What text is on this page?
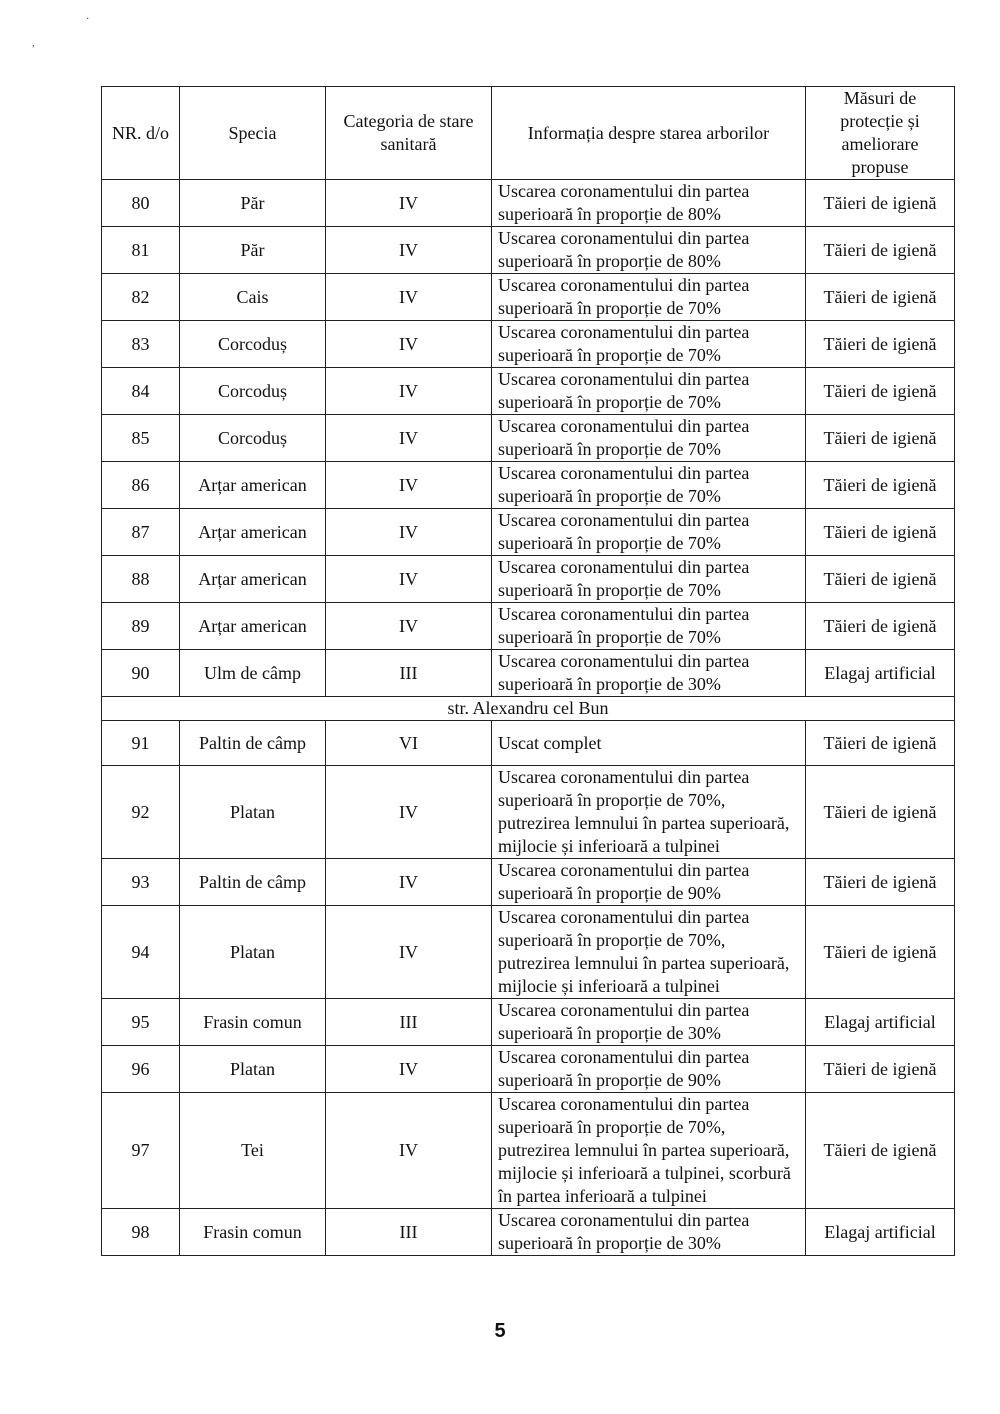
·
,
NR. d/o	Specia	Categoria de stare sanitară	Informația despre starea arborilor	Măsuri de protecție și ameliorare propuse
80	Păr	IV	Uscarea coronamentului din partea superioară în proporție de 80%	Tăieri de igienă
81	Păr	IV	Uscarea coronamentului din partea superioară în proporție de 80%	Tăieri de igienă
82	Cais	IV	Uscarea coronamentului din partea superioară în proporție de 70%	Tăieri de igienă
83	Corcoduș	IV	Uscarea coronamentului din partea superioară în proporție de 70%	Tăieri de igienă
84	Corcoduș	IV	Uscarea coronamentului din partea superioară în proporție de 70%	Tăieri de igienă
85	Corcoduș	IV	Uscarea coronamentului din partea superioară în proporție de 70%	Tăieri de igienă
86	Arțar american	IV	Uscarea coronamentului din partea superioară în proporție de 70%	Tăieri de igienă
87	Arțar american	IV	Uscarea coronamentului din partea superioară în proporție de 70%	Tăieri de igienă
88	Arțar american	IV	Uscarea coronamentului din partea superioară în proporție de 70%	Tăieri de igienă
89	Arțar american	IV	Uscarea coronamentului din partea superioară în proporție de 70%	Tăieri de igienă
90	Ulm de câmp	III	Uscarea coronamentului din partea superioară în proporție de 30%	Elagaj artificial
str. Alexandru cel Bun				
91	Paltin de câmp	VI	Uscat complet	Tăieri de igienă
92	Platan	IV	Uscarea coronamentului din partea superioară în proporție de 70%, putrezirea lemnului în partea superioară, mijlocie și inferioară a tulpinei	Tăieri de igienă
93	Paltin de câmp	IV	Uscarea coronamentului din partea superioară în proporție de 90%	Tăieri de igienă
94	Platan	IV	Uscarea coronamentului din partea superioară în proporție de 70%, putrezirea lemnului în partea superioară, mijlocie și inferioară a tulpinei	Tăieri de igienă
95	Frasin comun	III	Uscarea coronamentului din partea superioară în proporție de 30%	Elagaj artificial
96	Platan	IV	Uscarea coronamentului din partea superioară în proporție de 90%	Tăieri de igienă
97	Tei	IV	Uscarea coronamentului din partea superioară în proporție de 70%, putrezirea lemnului în partea superioară, mijlocie și inferioară a tulpinei, scorbură în partea inferioară a tulpinei	Tăieri de igienă
98	Frasin comun	III	Uscarea coronamentului din partea superioară în proporție de 30%	Elagaj artificial
5
